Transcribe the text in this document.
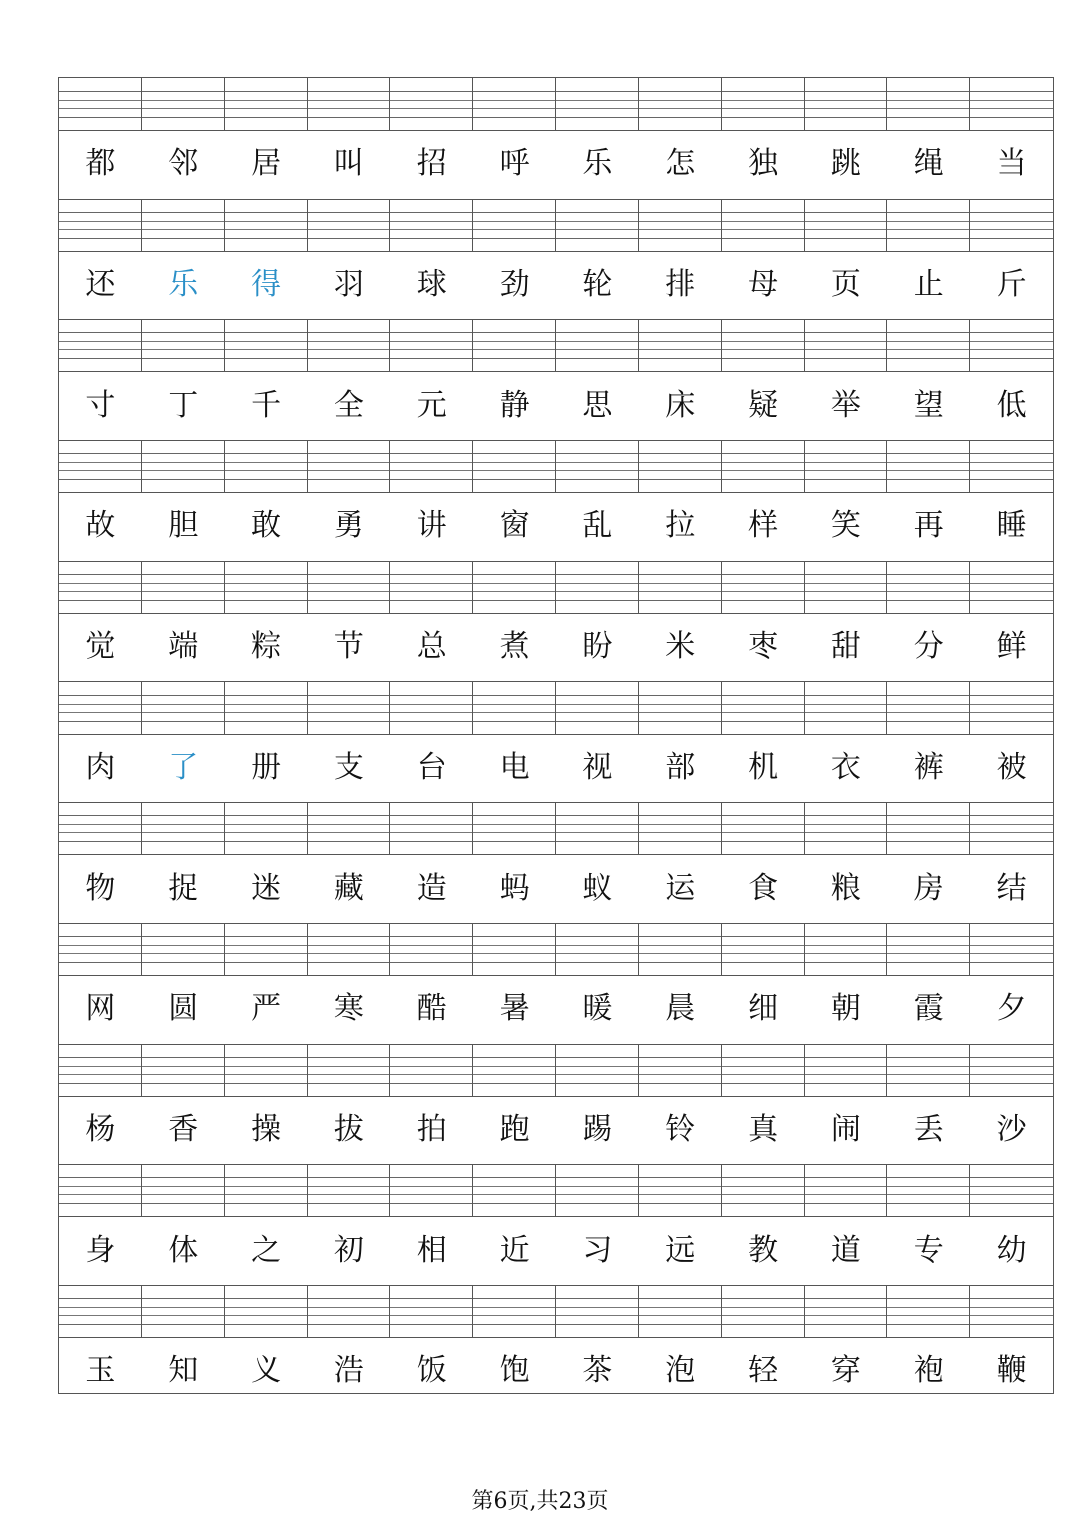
都	邻	居	叫	招	呼	乐	怎	独	跳	绳	当
还	乐	得	羽	球	劲	轮	排	母	页	止	斤
寸	丁	千	全	元	静	思	床	疑	举	望	低
故	胆	敢	勇	讲	窗	乱	拉	样	笑	再	睡
觉	端	粽	节	总	煮	盼	米	枣	甜	分	鲜
肉	了	册	支	台	电	视	部	机	衣	裤	被
物	捉	迷	藏	造	蚂	蚁	运	食	粮	房	结
网	圆	严	寒	酷	暑	暖	晨	细	朝	霞	夕
杨	香	操	拔	拍	跑	踢	铃	真	闹	丢	沙
身	体	之	初	相	近	习	远	教	道	专	幼
玉	知	义	浩	饭	饱	茶	泡	轻	穿	袍	鞭
第6页,共23页
